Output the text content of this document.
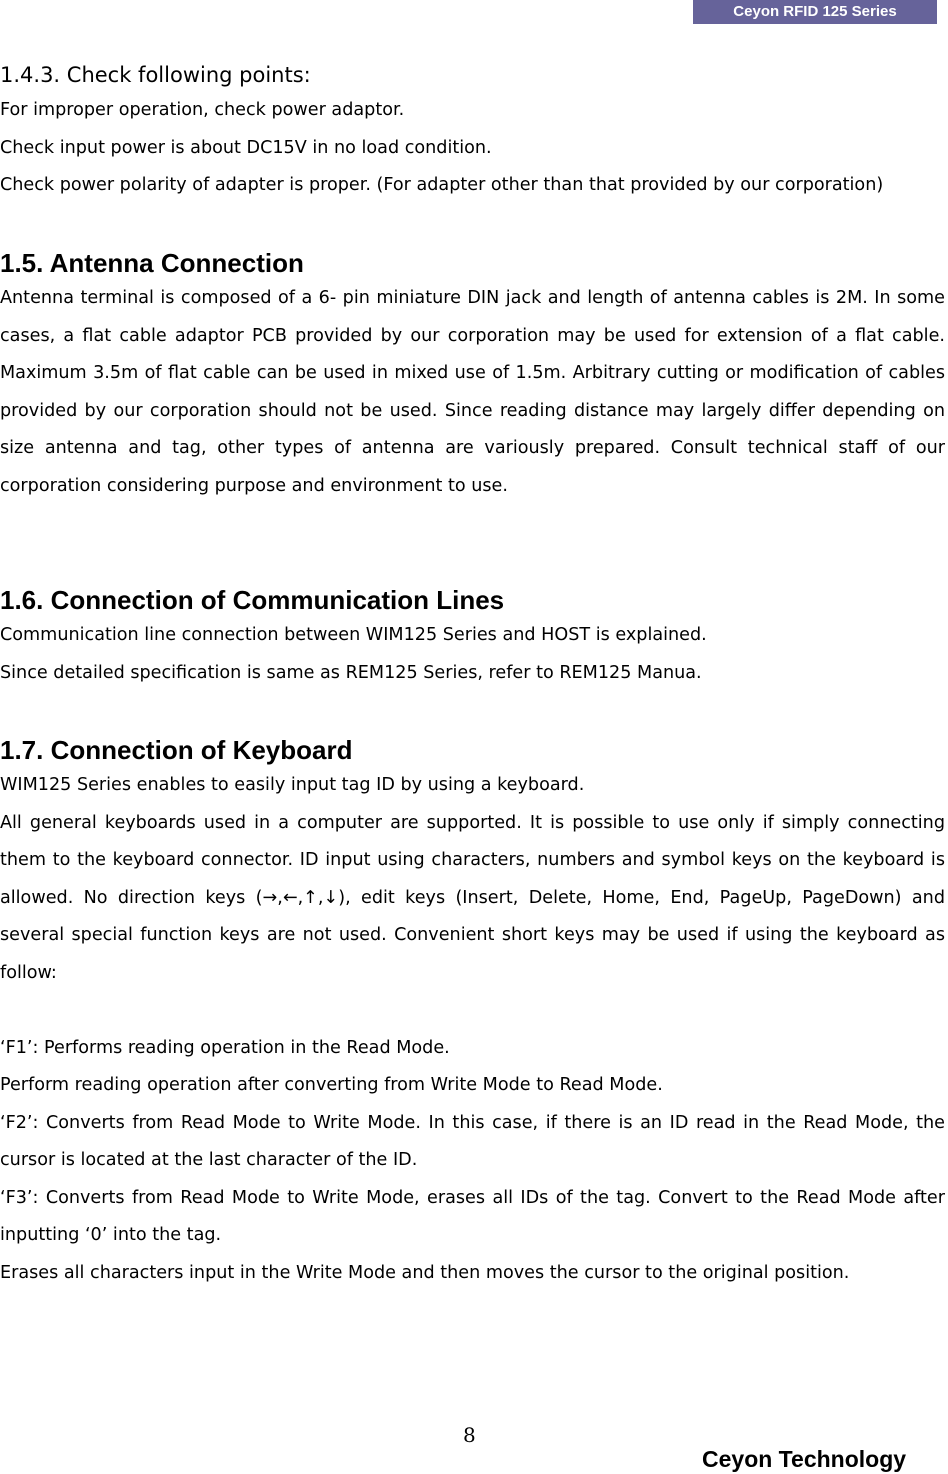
Ceyon RFID 125 Series
1.4.3. Check following points:

For improper operation, check power adaptor.

Check input power is about DC15V in no load condition.

Check power polarity of adapter is proper. (For adapter other than that provided by our corporation)

1.5. Antenna Connection

Antenna terminal is composed of a 6- pin miniature DIN jack and length of antenna cables is 2M. In some cases, a flat cable adaptor PCB provided by our corporation may be used for extension of a flat cable. Maximum 3.5m of flat cable can be used in mixed use of 1.5m. Arbitrary cutting or modification of cables provided by our corporation should not be used. Since reading distance may largely differ depending on size antenna and tag, other types of antenna are variously prepared. Consult technical staff of our corporation considering purpose and environment to use.

1.6. Connection of Communication Lines

Communication line connection between WIM125 Series and HOST is explained.

Since detailed specification is same as REM125 Series, refer to REM125 Manua.

1.7. Connection of Keyboard

WIM125 Series enables to easily input tag ID by using a keyboard.

All general keyboards used in a computer are supported. It is possible to use only if simply connecting them to the keyboard connector. ID input using characters, numbers and symbol keys on the keyboard is allowed. No direction keys (→,←,↑,↓), edit keys (Insert, Delete, Home, End, PageUp, PageDown) and several special function keys are not used. Convenient short keys may be used if using the keyboard as follow:

‘F1’: Performs reading operation in the Read Mode.

Perform reading operation after converting from Write Mode to Read Mode.

‘F2’: Converts from Read Mode to Write Mode. In this case, if there is an ID read in the Read Mode, the cursor is located at the last character of the ID.

‘F3’: Converts from Read Mode to Write Mode, erases all IDs of the tag. Convert to the Read Mode after inputting ‘0’ into the tag.

Erases all characters input in the Write Mode and then moves the cursor to the original position.

8
Ceyon Technology
